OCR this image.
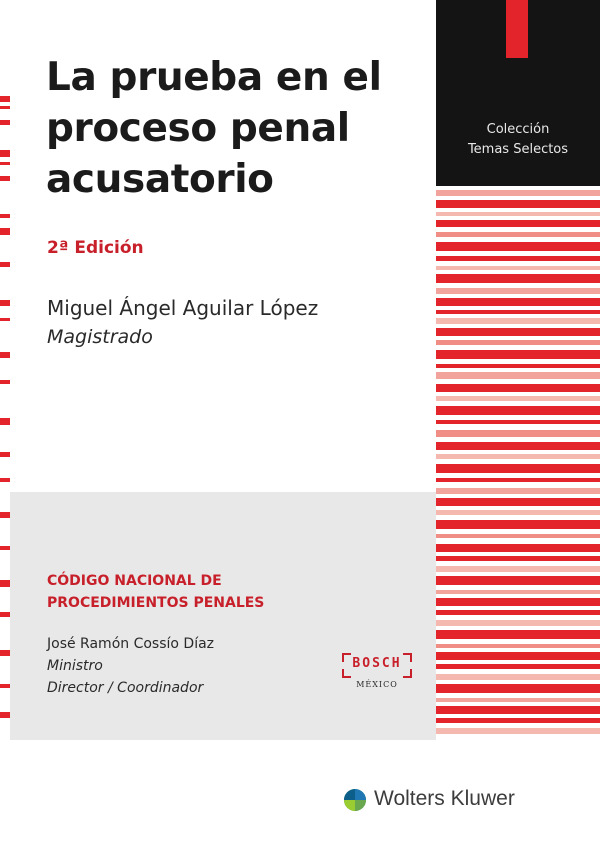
La prueba en el
proceso penal
acusatorio
2ª Edición
Miguel Ángel Aguilar López
Magistrado
CÓDIGO NACIONAL DE
PROCEDIMIENTOS PENALES
José Ramón Cossío Díaz
Ministro
Director / Coordinador
BOSCH
MÉXICO
Colección
Temas Selectos
Wolters Kluwer
